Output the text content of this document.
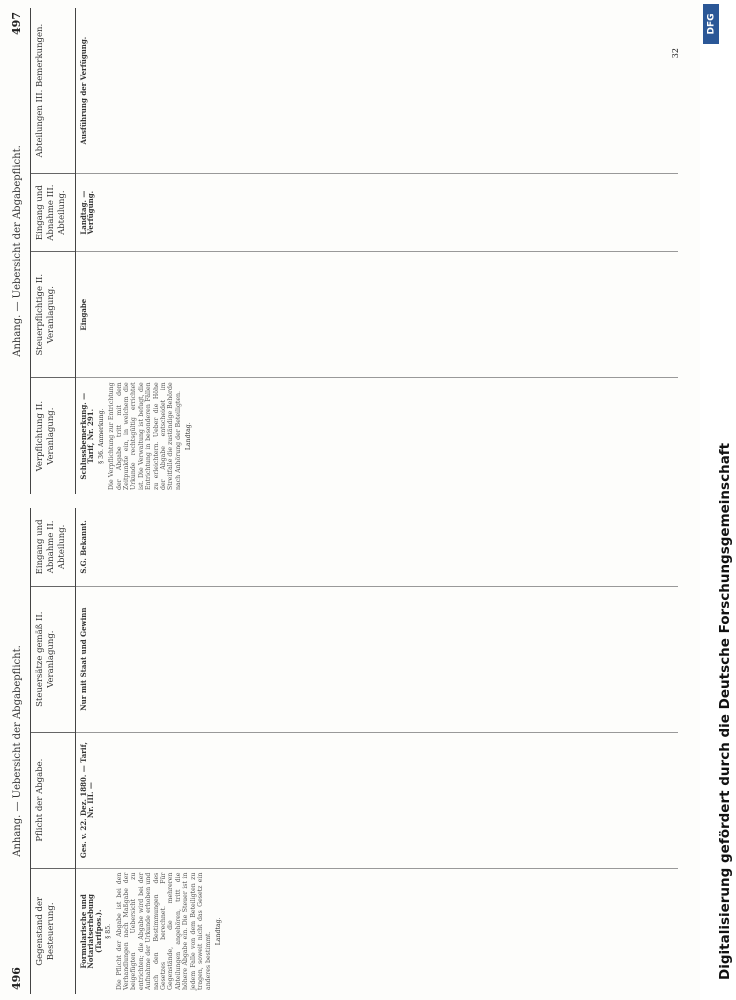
496
Anhang. — Uebersicht der Abgabepflicht.
Gegenstand der Besteuerung.
Pflicht der Abgabe.
Steuersätze gemäß II. Veranlagung.
Eingang und Abnahme II. Abteilung.
Formularische und Notariatserhebung (Tarifpos.). § 85. Die Pflicht der Abgabe ist bei den Verhandlungen nach Maßgabe der beigefügten Uebersicht zu entrichten; die Abgabe wird bei der Aufnahme der Urkunde erhoben und nach den Bestimmungen des Gesetzes berechnet. Für Gegenstände, die mehreren Abteilungen angehören, tritt die höhere Abgabe ein. Die Steuer ist in jedem Falle von dem Beteiligten zu tragen, soweit nicht das Gesetz ein anderes bestimmt.
Landtag.
Ges. v. 22. Dez. 1880. — Tarif, Nr. III. —
Nur mit Staat und Gewinn
S.G. Bekannt.
497
Anhang. — Uebersicht der Abgabepflicht.
Verpflichtung II. Veranlagung.
Steuerpflichtige II. Veranlagung.
Eingang und Abnahme III. Abteilung.
Abteilungen III. Bemerkungen.
Schlussbemerkung. — Tarif, Nr. 291. § 36. Anmerkung. Die Verpflichtung zur Entrichtung der Abgabe tritt mit dem Zeitpunkte ein, in welchem die Urkunde rechtsgültig errichtet ist. Die Verwaltung ist befugt, die Entrichtung in besonderen Fällen zu erleichtern. Ueber die Höhe der Abgabe entscheidet im Streitfalle die zuständige Behörde nach Anhörung der Beteiligten. Landtag.
Eingabe
Landtag. — Verfügung.
Ausführung der Verfügung.	32
Digitalisierung gefördert durch die Deutsche Forschungsgemeinschaft
DFG
